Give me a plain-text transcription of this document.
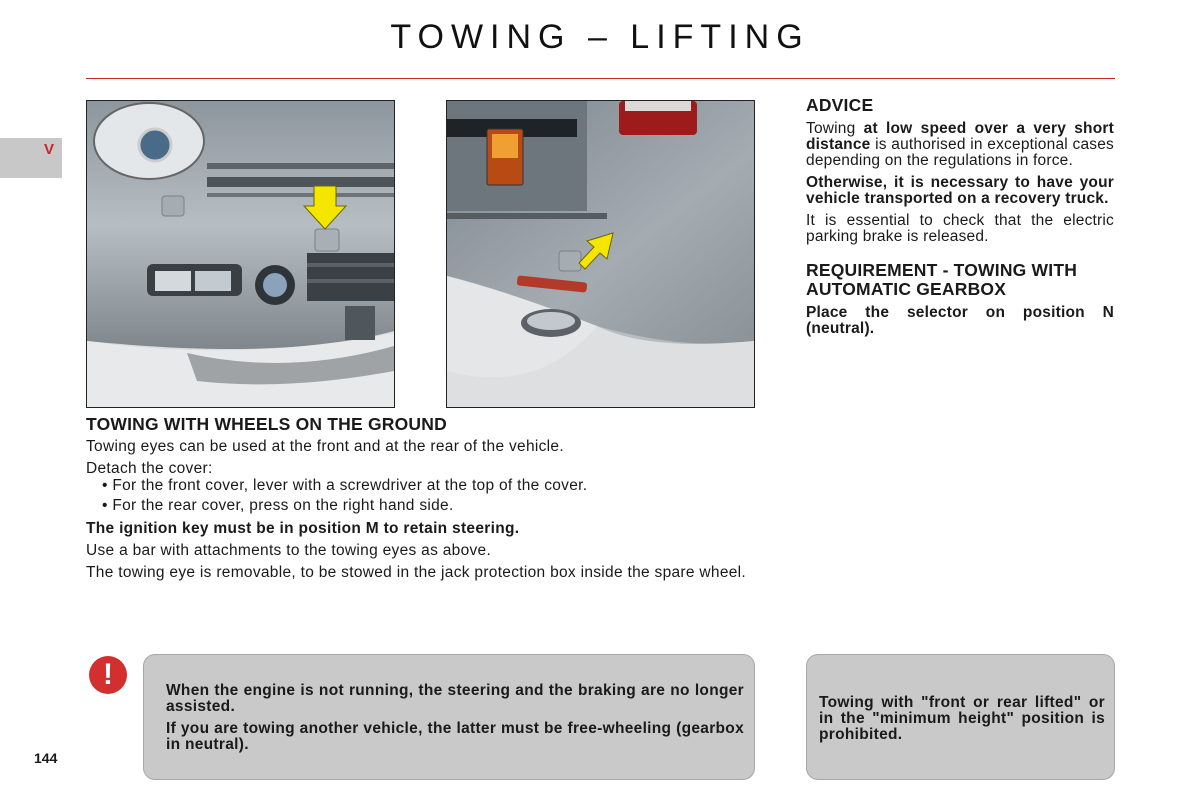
TOWING – LIFTING
V
TOWING WITH WHEELS ON THE GROUND

Towing eyes can be used at the front and at the rear of the vehicle.

Detach the cover:

• For the front cover, lever with a screwdriver at the top of the cover.
• For the rear cover, press on the right hand side.

The ignition key must be in position M to retain steering.

Use a bar with attachments to the towing eyes as above.

The towing eye is removable, to be stowed in the jack protection box inside the spare wheel.

ADVICE

Towing at low speed over a very short distance is authorised in exceptional cases depending on the regulations in force.

Otherwise, it is necessary to have your vehicle transported on a recovery truck.

It is essential to check that the electric parking brake is released.

REQUIREMENT - TOWING WITH AUTOMATIC GEARBOX

Place the selector on position N (neutral).

!	When the engine is not running, the steering and the braking are no longer assisted.

If you are towing another vehicle, the latter must be free-wheeling (gearbox in neutral).

Towing with "front or rear lifted" or in the "minimum height" position is prohibited.

144
